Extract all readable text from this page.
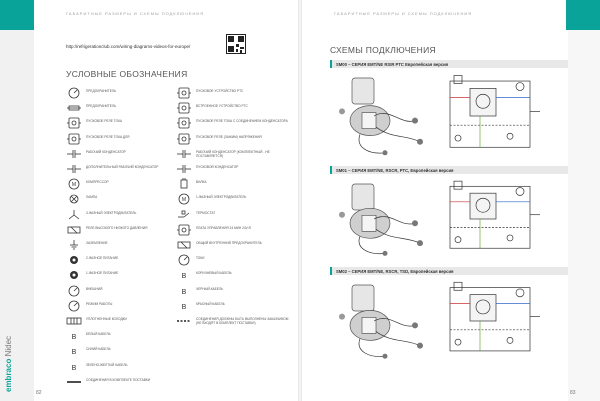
ГАБАРИТНЫЕ РАЗМЕРЫ И СХЕМЫ ПОДКЛЮЧЕНИЯ	ГАБАРИТНЫЕ РАЗМЕРЫ И СХЕМЫ ПОДКЛЮЧЕНИЯ
embraco Nidec
82	83
http://refrigerationclub.com/wiring-diagrams-videos-for-europe/
УСЛОВНЫЕ ОБОЗНАЧЕНИЯ
ПРЕДОХРАНИТЕЛЬ
ПРЕДОХРАНИТЕЛЬ
ПУСКОВОЕ РЕЛЕ ТОКА
ПУСКОВОЕ РЕЛЕ ТОКА ДЛЯ
РАБОЧИЙ КОНДЕНСАТОР
ДОПОЛНИТЕЛЬНЫЙ РАБОЧИЙ КОНДЕНСАТОР
M	КОМПРЕССОР
ЛАМПА
3-ФАЗНЫЙ ЭЛЕКТРОДВИГАТЕЛЬ
РЕЛЕ ВЫСОКОГО НИЗКОГО ДАВЛЕНИЯ
ЗАЗЕМЛЕНИЕ
2-ФАЗНОЕ ПИТАНИЕ
1-ФАЗНОЕ ПИТАНИЕ
ВНЕШНИЙ
РЕЖИМ РАБОТЫ
УПЛОТНЕННЫЕ КОЛОДКИ
B	БЕЛЫЙ КАБЕЛЬ
B	СИНИЙ КАБЕЛЬ
B	ЗЕЛЕНО-ЖЕЛТЫЙ КАБЕЛЬ
СОЕДИНЕНИЯ В КОМПЛЕКТЕ ПОСТАВКИ
ПУСКОВОЕ УСТРОЙСТВО PTC
ВСТРОЕННОЕ УСТРОЙСТВО PTC
ПУСКОВОЕ РЕЛЕ ТОКА С СОЕДИНЕНИЕМ КОНДЕНСАТОРА
ПУСКОВОЕ РЕЛЕ (ЗАЖИМ) НАПРЯЖЕНИЯ
РАБОЧИЙ КОНДЕНСАТОР (КОМПЛЕКТНЫЙ - НЕ ПОСТАВЛЯЕТСЯ)
ПУСКОВОЙ КОНДЕНСАТОР
ВИЛКА
M	1-ФАЗНЫЙ ЭЛЕКТРОДВИГАТЕЛЬ
ТЕРМОСТАТ
ПЛАТА УПРАВЛЕНИЯ 24 МИН 24V-R
ОБЩИЙ ВНУТРЕННИЙ ПРЕДОХРАНИТЕЛЬ
ТОКИ
B	КОРИЧНЕВЫЙ КАБЕЛЬ
B	ЧЕРНЫЙ КАБЕЛЬ
B	КРАСНЫЙ КАБЕЛЬ
СОЕДИНЕНИЯ ДОЛЖНЫ БЫТЬ ВЫПОЛНЕНЫ ЗАКАЗЧИКОМ (НЕ ВХОДЯТ В КОМПЛЕКТ ПОСТАВКИ)
СХЕМЫ ПОДКЛЮЧЕНИЯ
SM00 – СЕРИЯ EMT/NE RSIR PTC Европейская версия
SM01 – СЕРИЯ EMT/NE, RSCR, PTC, Европейская версия
SM02 – СЕРИЯ EMT/NE, RSCR, TSD, Европейская версия
